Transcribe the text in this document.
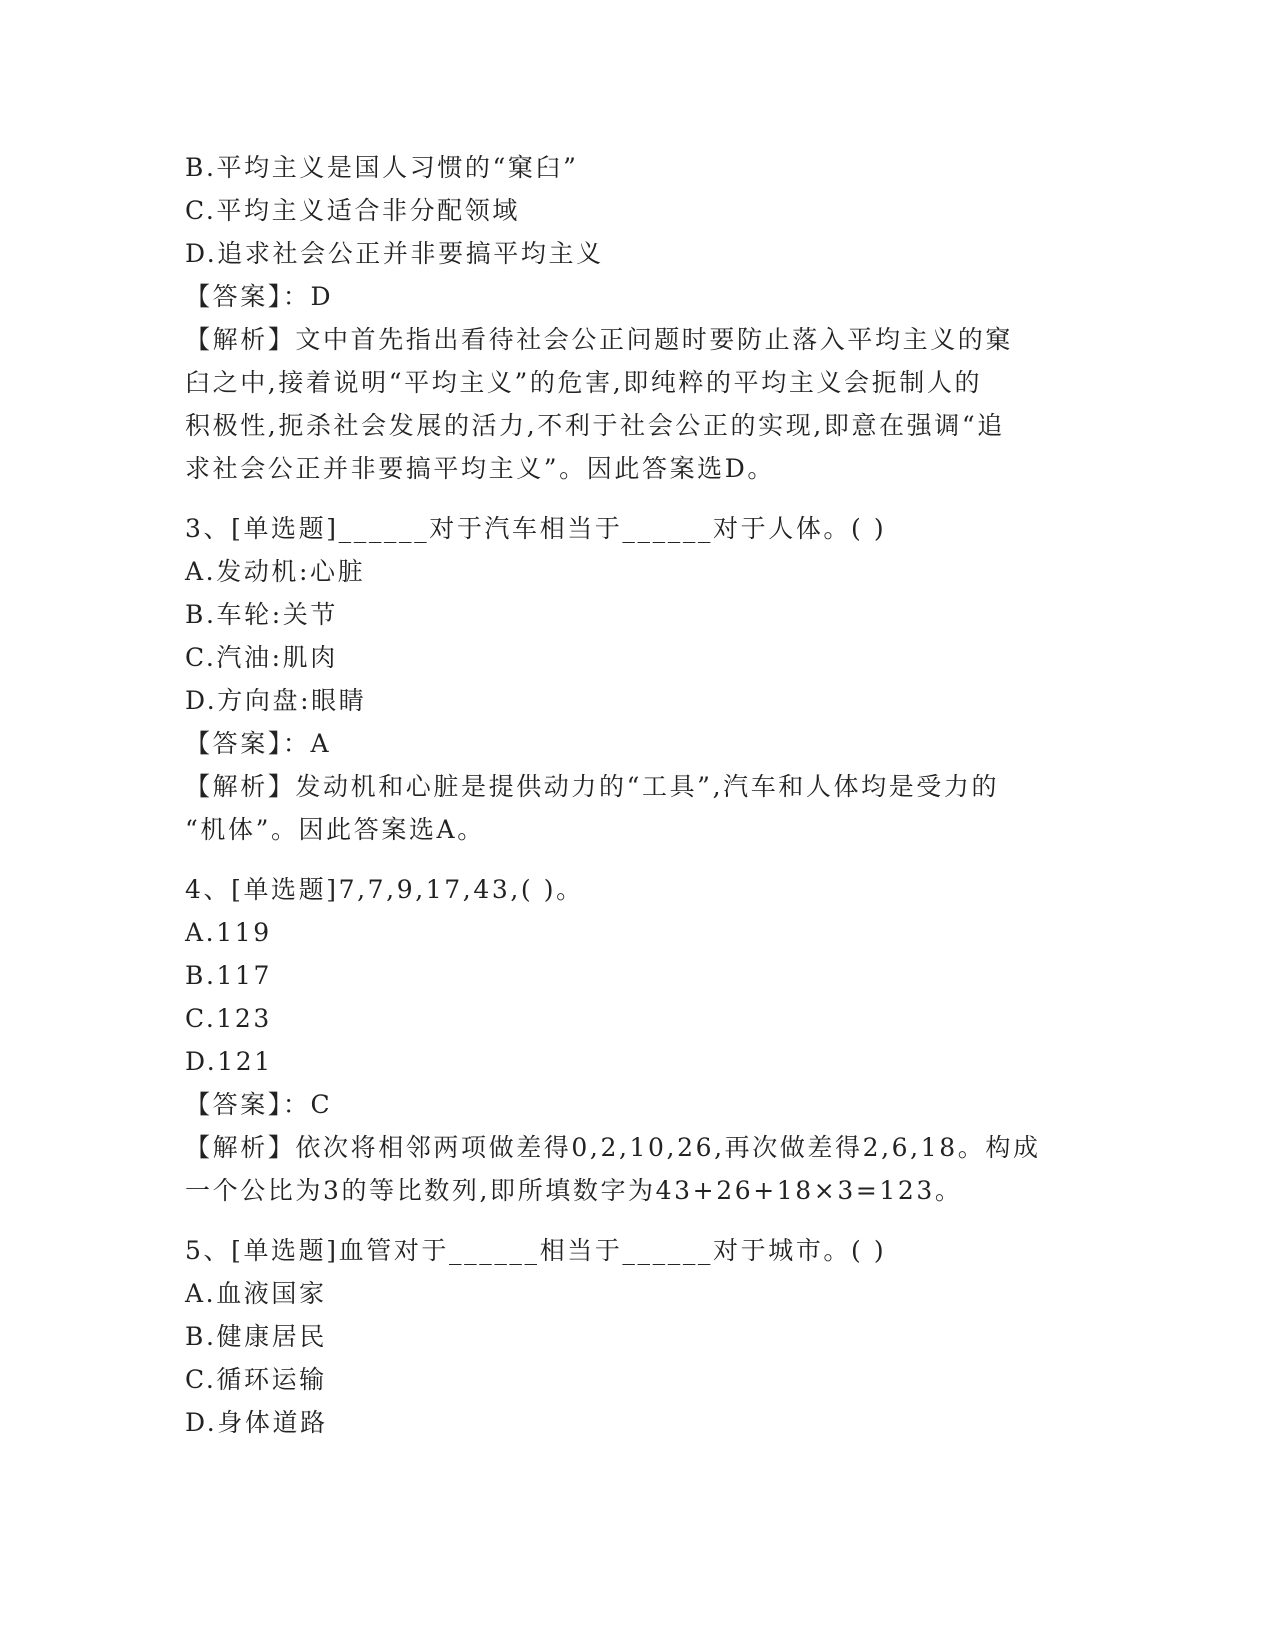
B.平均主义是国人习惯的“窠臼”
C.平均主义适合非分配领域
D.追求社会公正并非要搞平均主义
【答案】：D
【解析】文中首先指出看待社会公正问题时要防止落入平均主义的窠
臼之中,接着说明“平均主义”的危害,即纯粹的平均主义会扼制人的
积极性,扼杀社会发展的活力,不利于社会公正的实现,即意在强调“追
求社会公正并非要搞平均主义”。因此答案选D。
3、[单选题]______对于汽车相当于______对于人体。( )
A.发动机:心脏
B.车轮:关节
C.汽油:肌肉
D.方向盘:眼睛
【答案】：A
【解析】发动机和心脏是提供动力的“工具”,汽车和人体均是受力的
“机体”。因此答案选A。
4、[单选题]7,7,9,17,43,( )。
A.119
B.117
C.123
D.121
【答案】：C
【解析】依次将相邻两项做差得0,2,10,26,再次做差得2,6,18。构成
一个公比为3的等比数列,即所填数字为43+26+18×3=123。
5、[单选题]血管对于______相当于______对于城市。( )
A.血液国家
B.健康居民
C.循环运输
D.身体道路
